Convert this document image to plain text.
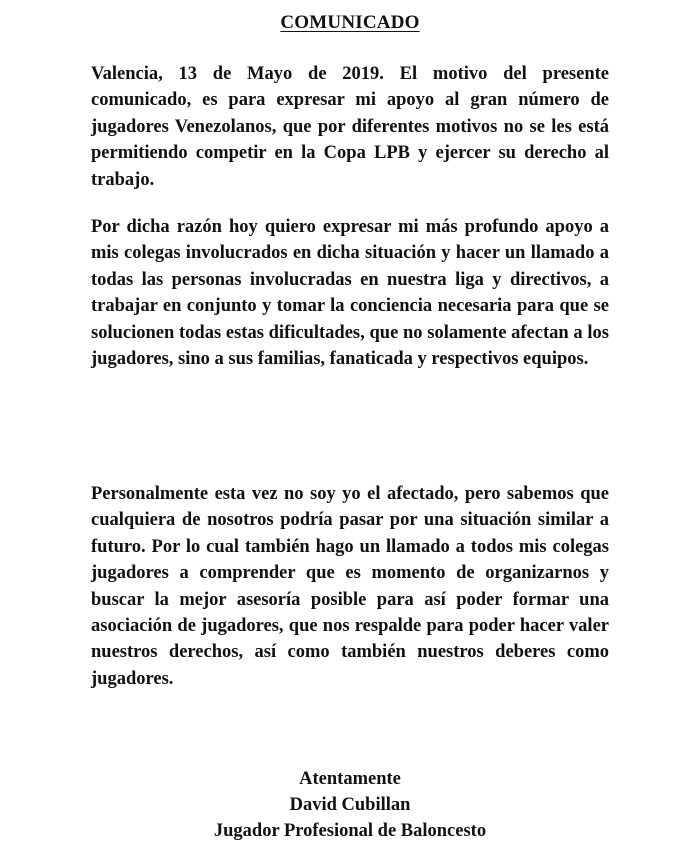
COMUNICADO

Valencia, 13 de Mayo de 2019. El motivo del presente comunicado, es para expresar mi apoyo al gran número de jugadores Venezolanos, que por diferentes motivos no se les está permitiendo competir en la Copa LPB y ejercer su derecho al trabajo.

Por dicha razón hoy quiero expresar mi más profundo apoyo a mis colegas involucrados en dicha situación y hacer un llamado a todas las personas involucradas en nuestra liga y directivos, a trabajar en conjunto y tomar la conciencia necesaria para que se solucionen todas estas dificultades, que no solamente afectan a los jugadores, sino a sus familias, fanaticada y respectivos equipos.

Personalmente esta vez no soy yo el afectado, pero sabemos que cualquiera de nosotros podría pasar por una situación similar a futuro. Por lo cual también hago un llamado a todos mis colegas jugadores a comprender que es momento de organizarnos y buscar la mejor asesoría posible para así poder formar una asociación de jugadores, que nos respalde para poder hacer valer nuestros derechos, así como también nuestros deberes como jugadores.

Atentamente
David Cubillan
Jugador Profesional de Baloncesto
